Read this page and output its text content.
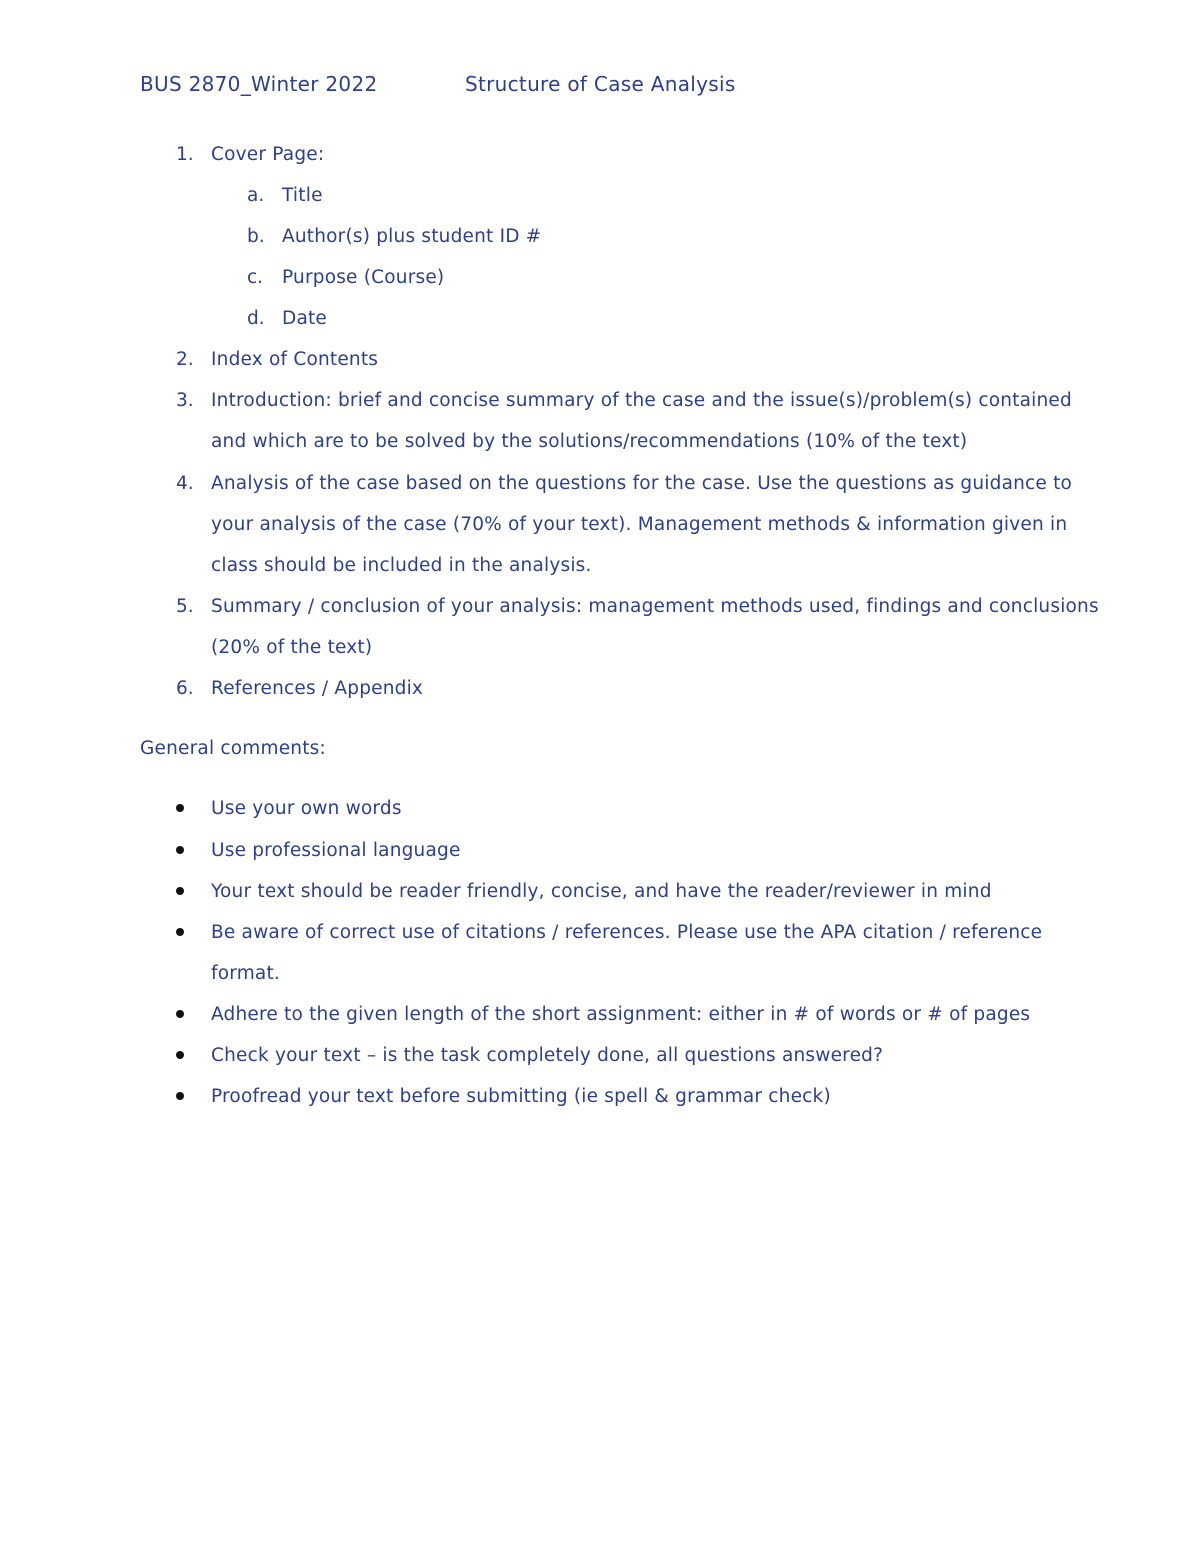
BUS 2870_Winter 2022	Structure of Case Analysis
1. Cover Page:
a. Title
b. Author(s) plus student ID #
c. Purpose (Course)
d. Date
2. Index of Contents
3. Introduction: brief and concise summary of the case and the issue(s)/problem(s) contained
and which are to be solved by the solutions/recommendations (10% of the text)
4. Analysis of the case based on the questions for the case. Use the questions as guidance to
your analysis of the case (70% of your text). Management methods & information given in
class should be included in the analysis.
5. Summary / conclusion of your analysis: management methods used, findings and conclusions
(20% of the text)
6. References / Appendix
General comments:
Use your own words
Use professional language
Your text should be reader friendly, concise, and have the reader/reviewer in mind
Be aware of correct use of citations / references. Please use the APA citation / reference
format.
Adhere to the given length of the short assignment: either in # of words or # of pages
Check your text – is the task completely done, all questions answered?
Proofread your text before submitting (ie spell & grammar check)
